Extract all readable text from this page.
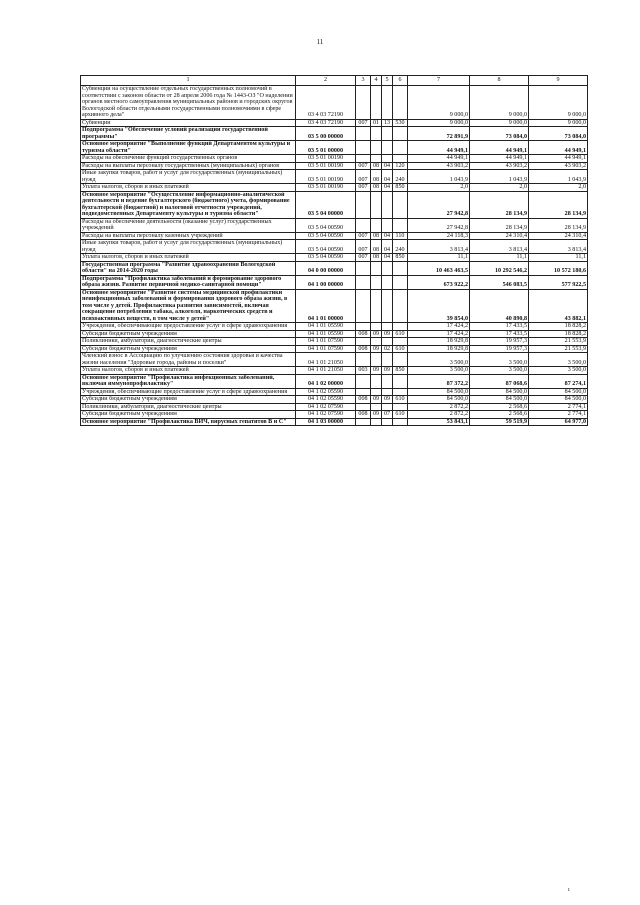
11
1	2	3	4	5	6	7	8	9
Субвенции на осуществление отдельных государственных полномочий в соответствии с законом области от 28 апреля 2006 года № 1443-ОЗ "О наделении органов местного самоуправления муниципальных районов и городских округов Вологодской области отдельными государственными полномочиями в сфере архивного дела"	03 4 03 72190					9 000,0	9 000,0	9 000,0
Субвенции	03 4 03 72190	007	01	13	530	9 000,0	9 000,0	9 000,0
Подпрограмма "Обеспечение условий реализации государственной программы"	03 5 00 00000					72 891,9	73 084,0	73 084,0
Основное мероприятие "Выполнение функций Департаментом культуры и туризма области"	03 5 01 00000					44 949,1	44 949,1	44 949,1
Расходы на обеспечение функций государственных органов	03 5 01 00190					44 949,1	44 949,1	44 949,1
Расходы на выплаты персоналу государственных (муниципальных) органов	03 5 01 00190	007	08	04	120	43 903,2	43 903,2	43 903,2
Иные закупки товаров, работ и услуг для государственных (муниципальных) нужд	03 5 01 00190	007	08	04	240	1 043,9	1 043,9	1 043,9
Уплата налогов, сборов и иных платежей	03 5 01 00190	007	08	04	850	2,0	2,0	2,0
Основное мероприятие "Осуществление информационно-аналитической деятельности и ведение бухгалтерского (бюджетного) учета, формирование бухгалтерской (бюджетной) и налоговой отчетности учреждений, подведомственных Департаменту культуры и туризма области"	03 5 04 00000					27 942,8	28 134,9	28 134,9
Расходы на обеспечение деятельности (оказание услуг) государственных учреждений	03 5 04 00590					27 942,8	28 134,9	28 134,9
Расходы на выплаты персоналу казенных учреждений	03 5 04 00590	007	08	04	110	24 118,3	24 310,4	24 310,4
Иные закупки товаров, работ и услуг для государственных (муниципальных) нужд	03 5 04 00590	007	08	04	240	3 813,4	3 813,4	3 813,4
Уплата налогов, сборов и иных платежей	03 5 04 00590	007	08	04	850	11,1	11,1	11,1
Государственная программа "Развитие здравоохранения Вологодской области" на 2014-2020 годы	04 0 00 00000					10 463 463,5	10 292 546,2	10 572 180,6
Подпрограмма "Профилактика заболеваний и формирование здорового образа жизни. Развитие первичной медико-санитарной помощи"	04 1 00 00000					673 922,2	546 083,5	577 922,5
Основное мероприятие "Развитие системы медицинской профилактики неинфекционных заболеваний и формирования здорового образа жизни, в том числе у детей. Профилактика развития зависимостей, включая сокращение потребления табака, алкоголя, наркотических средств и психоактивных веществ, в том числе у детей"	04 1 01 00000					39 854,0	40 890,8	43 882,1
Учреждения, обеспечивающие предоставление услуг в сфере здравоохранения	04 1 01 05590					17 424,2	17 433,5	18 828,2
Субсидии бюджетным учреждениям	04 1 01 05590	008	09	09	610	17 424,2	17 433,5	18 828,2
Поликлиники, амбулатории, диагностические центры	04 1 01 07590					18 929,8	19 957,3	21 553,9
Субсидии бюджетным учреждениям	04 1 01 07590	008	09	02	610	18 929,8	19 957,3	21 553,9
Членский взнос в Ассоциацию по улучшению состояния здоровья и качества жизни населения "Здоровые города, районы и поселки"	04 1 01 21050					3 500,0	3 500,0	3 500,0
Уплата налогов, сборов и иных платежей	04 1 01 21050	003	09	09	850	3 500,0	3 500,0	3 500,0
Основное мероприятие "Профилактика инфекционных заболеваний, включая иммунопрофилактику"	04 1 02 00000					87 372,2	87 068,6	87 274,1
Учреждения, обеспечивающие предоставление услуг в сфере здравоохранения	04 1 02 05590					84 500,0	84 500,0	84 500,0
Субсидии бюджетным учреждениям	04 1 02 05590	008	09	09	610	84 500,0	84 500,0	84 500,0
Поликлиники, амбулатории, диагностические центры	04 1 02 07590					2 872,2	2 568,6	2 774,1
Субсидии бюджетным учреждениям	04 1 02 07590	008	09	07	610	2 872,2	2 568,6	2 774,1
Основное мероприятие "Профилактика ВИЧ, вирусных гепатитов В и С"	04 1 03 00000					53 843,1	59 519,9	64 977,0
ı
